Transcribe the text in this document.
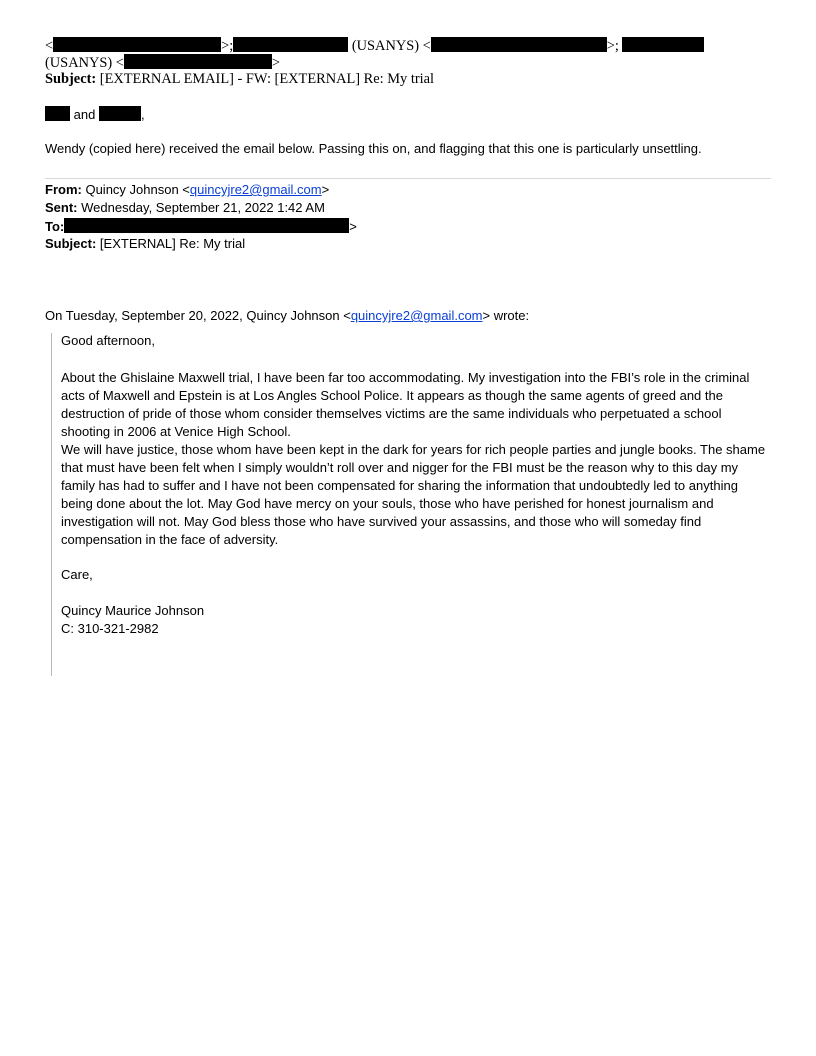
<	>;	(USANYS) <	>;
(USANYS) <	>
Subject: [EXTERNAL EMAIL] - FW: [EXTERNAL] Re: My trial
and	,
Wendy (copied here) received the email below. Passing this on, and flagging that this one is particularly unsettling.
From: Quincy Johnson <quincyjre2@gmail.com>
Sent: Wednesday, September 21, 2022 1:42 AM
To:	>
Subject: [EXTERNAL] Re: My trial
On Tuesday, September 20, 2022, Quincy Johnson <quincyjre2@gmail.com> wrote:
Good afternoon,
About the Ghislaine Maxwell trial, I have been far too accommodating. My investigation into the FBI’s role in the criminal acts of Maxwell and Epstein is at Los Angles School Police. It appears as though the same agents of greed and the destruction of pride of those whom consider themselves victims are the same individuals who perpetuated a school shooting in 2006 at Venice High School.
We will have justice, those whom have been kept in the dark for years for rich people parties and jungle books. The shame that must have been felt when I simply wouldn’t roll over and nigger for the FBI must be the reason why to this day my family has had to suffer and I have not been compensated for sharing the information that undoubtedly led to anything being done about the lot. May God have mercy on your souls, those who have perished for honest journalism and investigation will not. May God bless those who have survived your assassins, and those who will someday find compensation in the face of adversity.
Care,
Quincy Maurice Johnson
C: 310-321-2982
